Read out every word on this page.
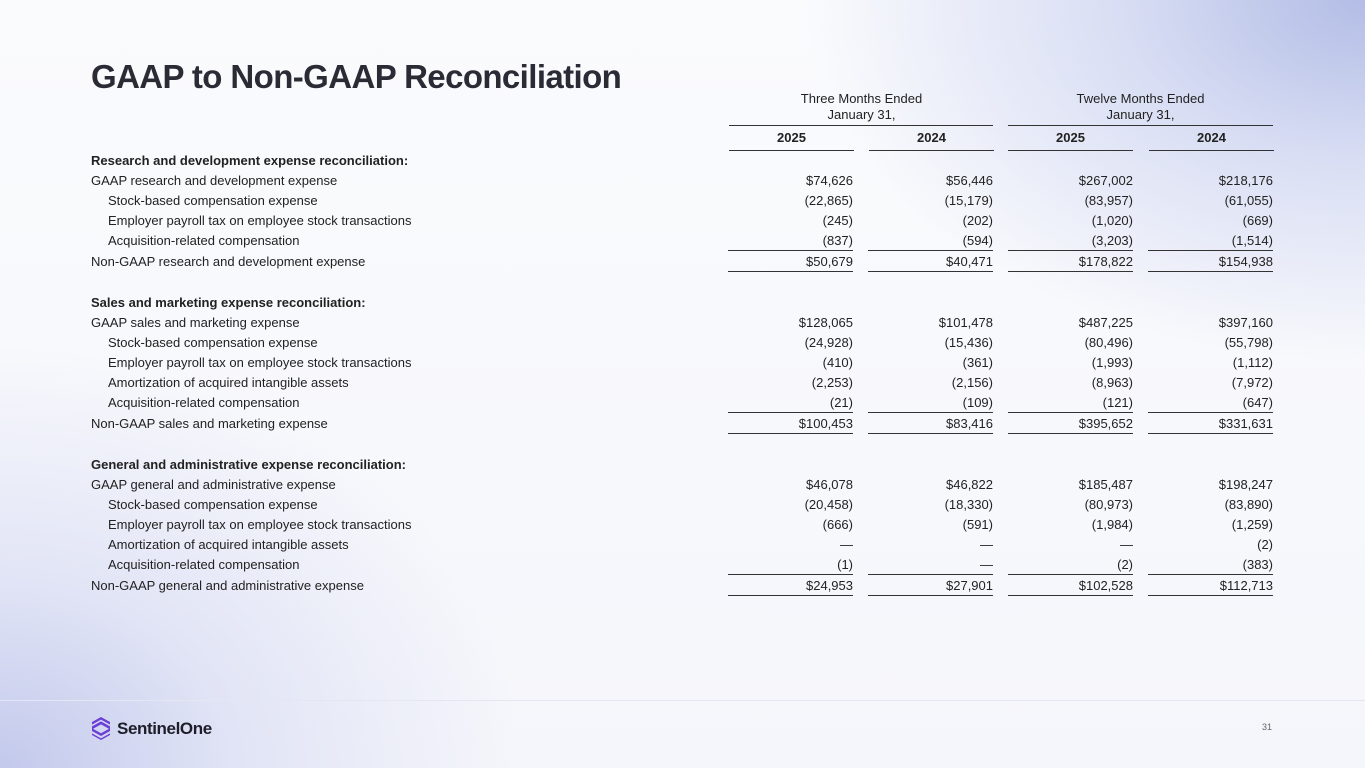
GAAP to Non-GAAP Reconciliation
Three Months Ended
January 31,
Twelve Months Ended
January 31,
2025	2024	2025	2024
Research and development expense reconciliation:							
GAAP research and development expense	$74,626		$56,446		$267,002		$218,176
Stock-based compensation expense	(22,865)		(15,179)		(83,957)		(61,055)
Employer payroll tax on employee stock transactions	(245)		(202)		(1,020)		(669)
Acquisition-related compensation	(837)		(594)		(3,203)		(1,514)
Non-GAAP research and development expense	$50,679		$40,471		$178,822		$154,938

Sales and marketing expense reconciliation:							
GAAP sales and marketing expense	$128,065		$101,478		$487,225		$397,160
Stock-based compensation expense	(24,928)		(15,436)		(80,496)		(55,798)
Employer payroll tax on employee stock transactions	(410)		(361)		(1,993)		(1,112)
Amortization of acquired intangible assets	(2,253)		(2,156)		(8,963)		(7,972)
Acquisition-related compensation	(21)		(109)		(121)		(647)
Non-GAAP sales and marketing expense	$100,453		$83,416		$395,652		$331,631

General and administrative expense reconciliation:							
GAAP general and administrative expense	$46,078		$46,822		$185,487		$198,247
Stock-based compensation expense	(20,458)		(18,330)		(80,973)		(83,890)
Employer payroll tax on employee stock transactions	(666)		(591)		(1,984)		(1,259)
Amortization of acquired intangible assets	—		—		—		(2)
Acquisition-related compensation	(1)		—		(2)		(383)
Non-GAAP general and administrative expense	$24,953		$27,901		$102,528		$112,713
SentinelOne	31
